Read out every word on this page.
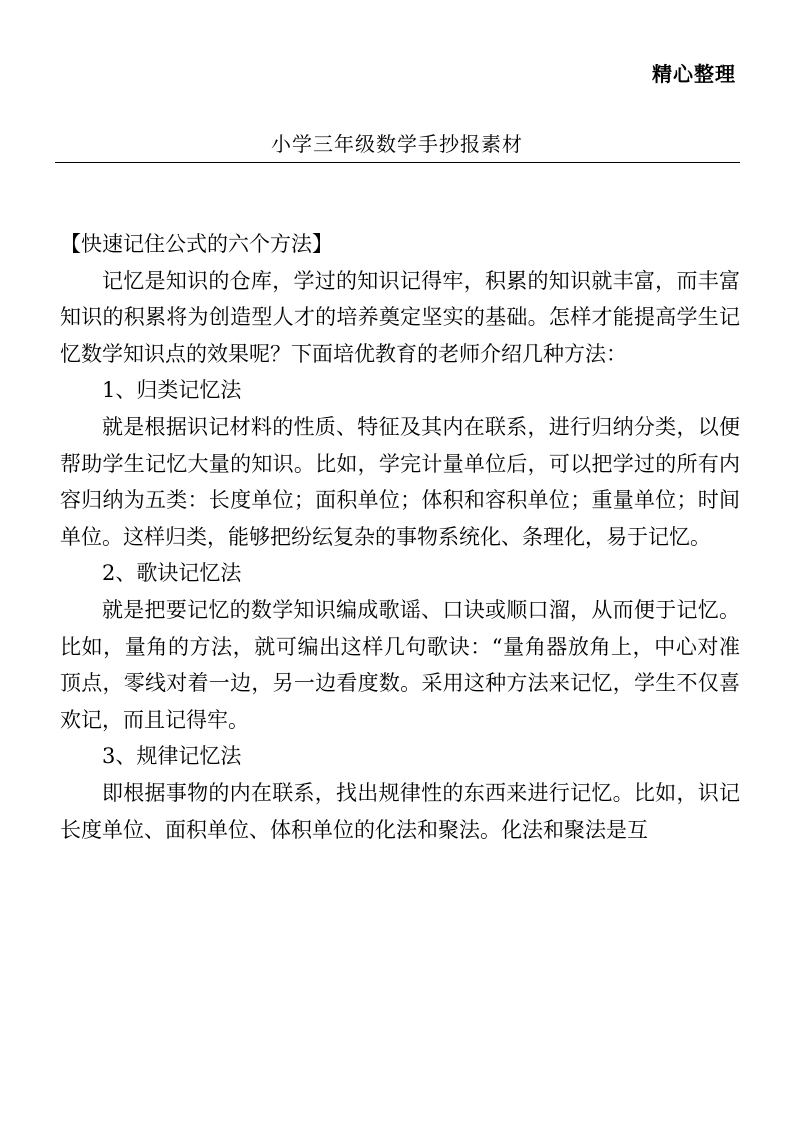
精心整理
小学三年级数学手抄报素材

【快速记住公式的六个方法】

记忆是知识的仓库，学过的知识记得牢，积累的知识就丰富，而丰富知识的积累将为创造型人才的培养奠定坚实的基础。怎样才能提高学生记忆数学知识点的效果呢？下面培优教育的老师介绍几种方法：

1、归类记忆法

就是根据识记材料的性质、特征及其内在联系，进行归纳分类，以便帮助学生记忆大量的知识。比如，学完计量单位后，可以把学过的所有内容归纳为五类：长度单位；面积单位；体积和容积单位；重量单位；时间单位。这样归类，能够把纷纭复杂的事物系统化、条理化，易于记忆。

2、歌诀记忆法

就是把要记忆的数学知识编成歌谣、口诀或顺口溜，从而便于记忆。比如，量角的方法，就可编出这样几句歌诀：“量角器放角上，中心对准顶点，零线对着一边，另一边看度数。采用这种方法来记忆，学生不仅喜欢记，而且记得牢。

3、规律记忆法

即根据事物的内在联系，找出规律性的东西来进行记忆。比如，识记长度单位、面积单位、体积单位的化法和聚法。化法和聚法是互
